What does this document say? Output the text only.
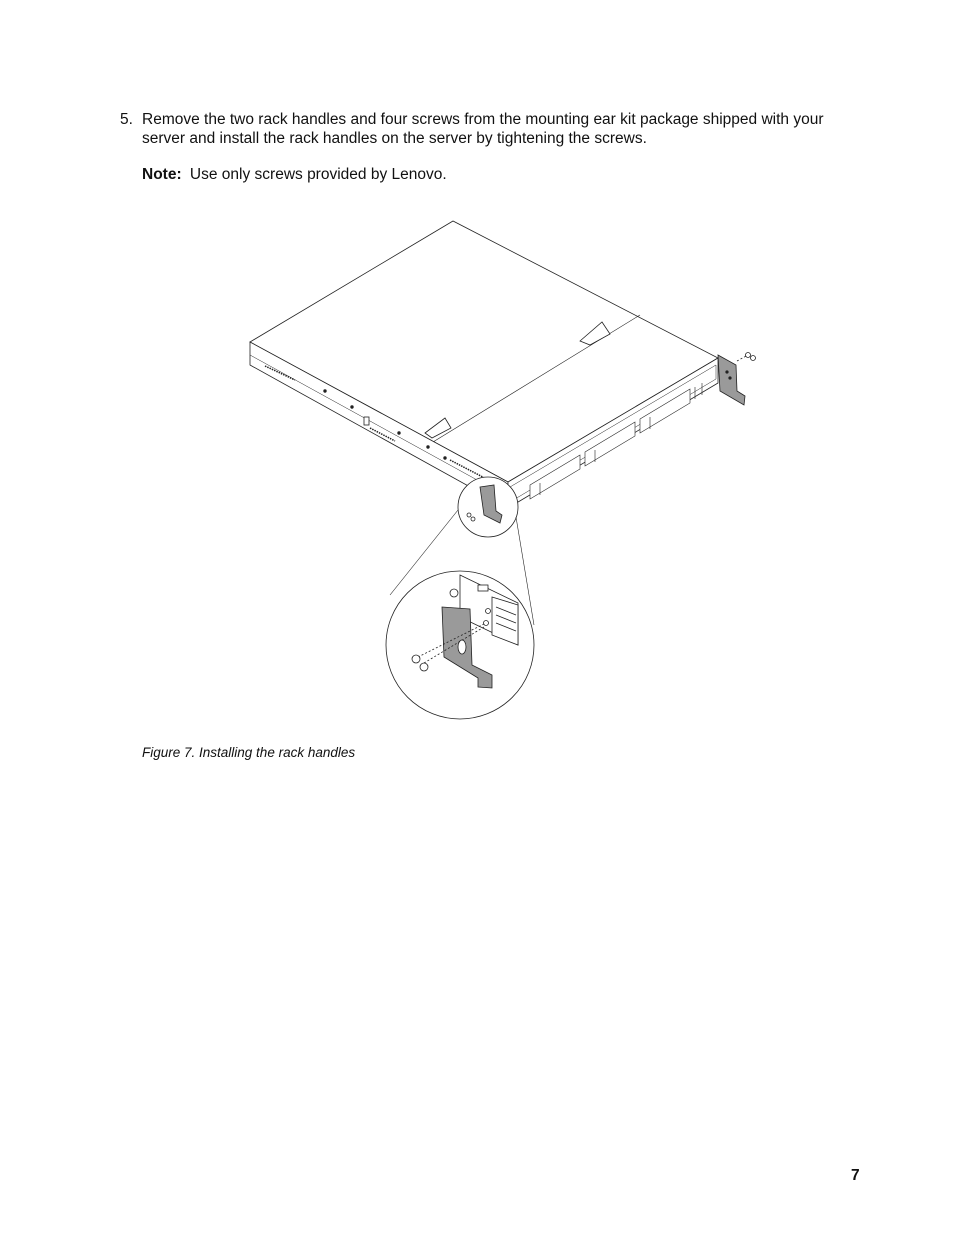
5. Remove the two rack handles and four screws from the mounting ear kit package shipped with your server and install the rack handles on the server by tightening the screws.
Note: Use only screws provided by Lenovo.
Figure 7. Installing the rack handles
7
